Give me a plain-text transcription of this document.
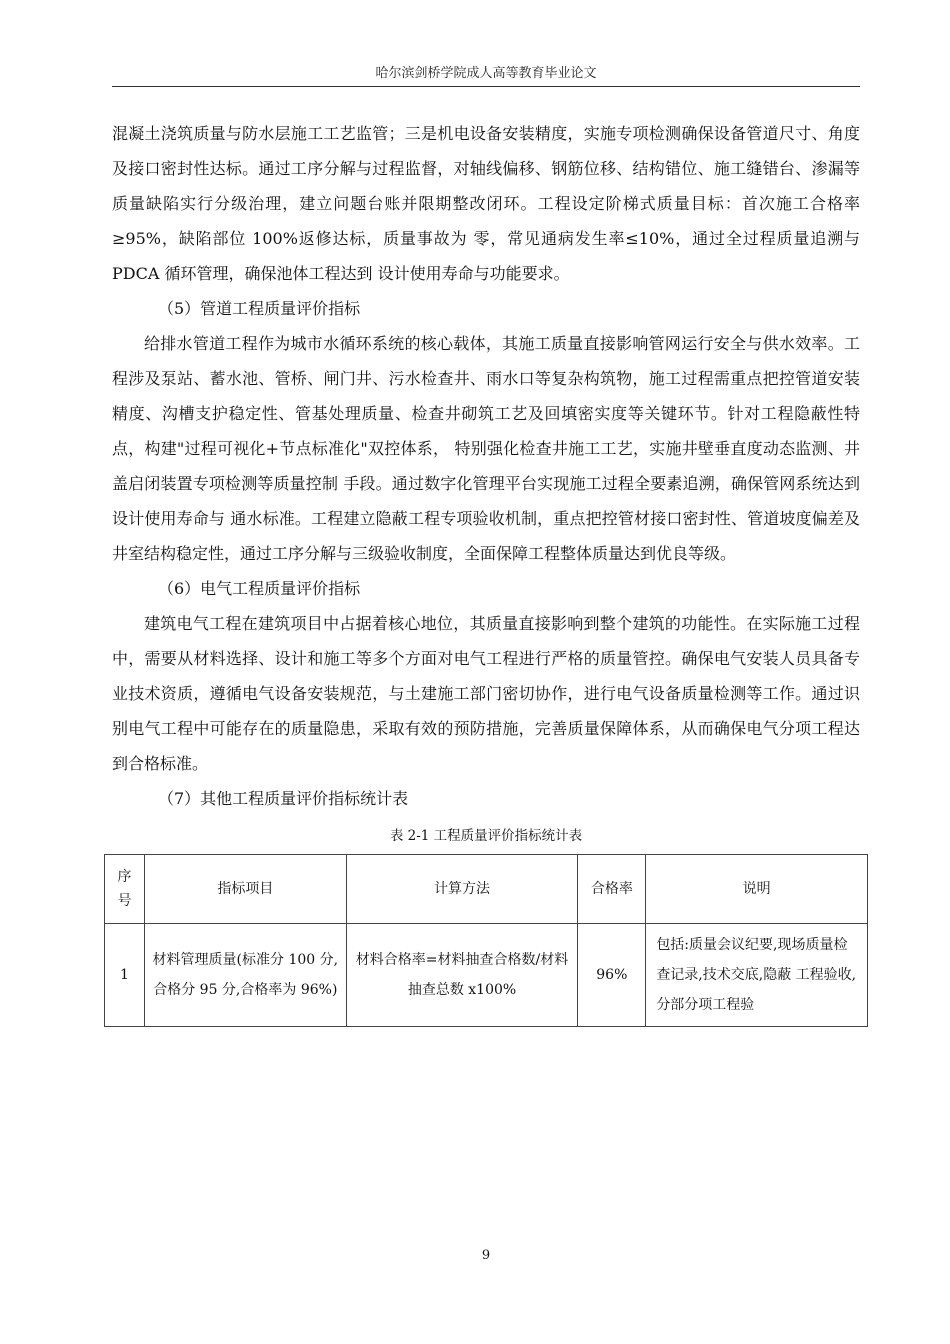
哈尔滨剑桥学院成人高等教育毕业论文

混凝土浇筑质量与防水层施工工艺监管；三是机电设备安装精度，实施专项检测确保设备管道尺寸、角度及接口密封性达标。通过工序分解与过程监督，对轴线偏移、钢筋位移、结构错位、施工缝错台、渗漏等质量缺陷实行分级治理，建立问题台账并限期整改闭环。工程设定阶梯式质量目标：首次施工合格率≥95%，缺陷部位 100%返修达标，质量事故为 零，常见通病发生率≤10%，通过全过程质量追溯与 PDCA 循环管理，确保池体工程达到 设计使用寿命与功能要求。

（5）管道工程质量评价指标

给排水管道工程作为城市水循环系统的核心载体，其施工质量直接影响管网运行安全与供水效率。工程涉及泵站、蓄水池、管桥、闸门井、污水检查井、雨水口等复杂构筑物，施工过程需重点把控管道安装精度、沟槽支护稳定性、管基处理质量、检查井砌筑工艺及回填密实度等关键环节。针对工程隐蔽性特点，构建"过程可视化+节点标准化"双控体系， 特别强化检查井施工工艺，实施井壁垂直度动态监测、井盖启闭装置专项检测等质量控制 手段。通过数字化管理平台实现施工过程全要素追溯，确保管网系统达到设计使用寿命与 通水标准。工程建立隐蔽工程专项验收机制，重点把控管材接口密封性、管道坡度偏差及 井室结构稳定性，通过工序分解与三级验收制度，全面保障工程整体质量达到优良等级。

（6）电气工程质量评价指标

建筑电气工程在建筑项目中占据着核心地位，其质量直接影响到整个建筑的功能性。在实际施工过程中，需要从材料选择、设计和施工等多个方面对电气工程进行严格的质量管控。确保电气安装人员具备专业技术资质，遵循电气设备安装规范，与土建施工部门密切协作，进行电气设备质量检测等工作。通过识别电气工程中可能存在的质量隐患，采取有效的预防措施，完善质量保障体系，从而确保电气分项工程达到合格标准。

（7）其他工程质量评价指标统计表

表 2-1 工程质量评价指标统计表
序号	指标项目	计算方法	合格率	说明
1	材料管理质量(标准分 100 分,合格分 95 分,合格率为 96%)	材料合格率=材料抽查合格数/材料抽查总数 x100%	96%	包括:质量会议纪要,现场质量检查记录,技术交底,隐蔽 工程验收,分部分项工程验
9
